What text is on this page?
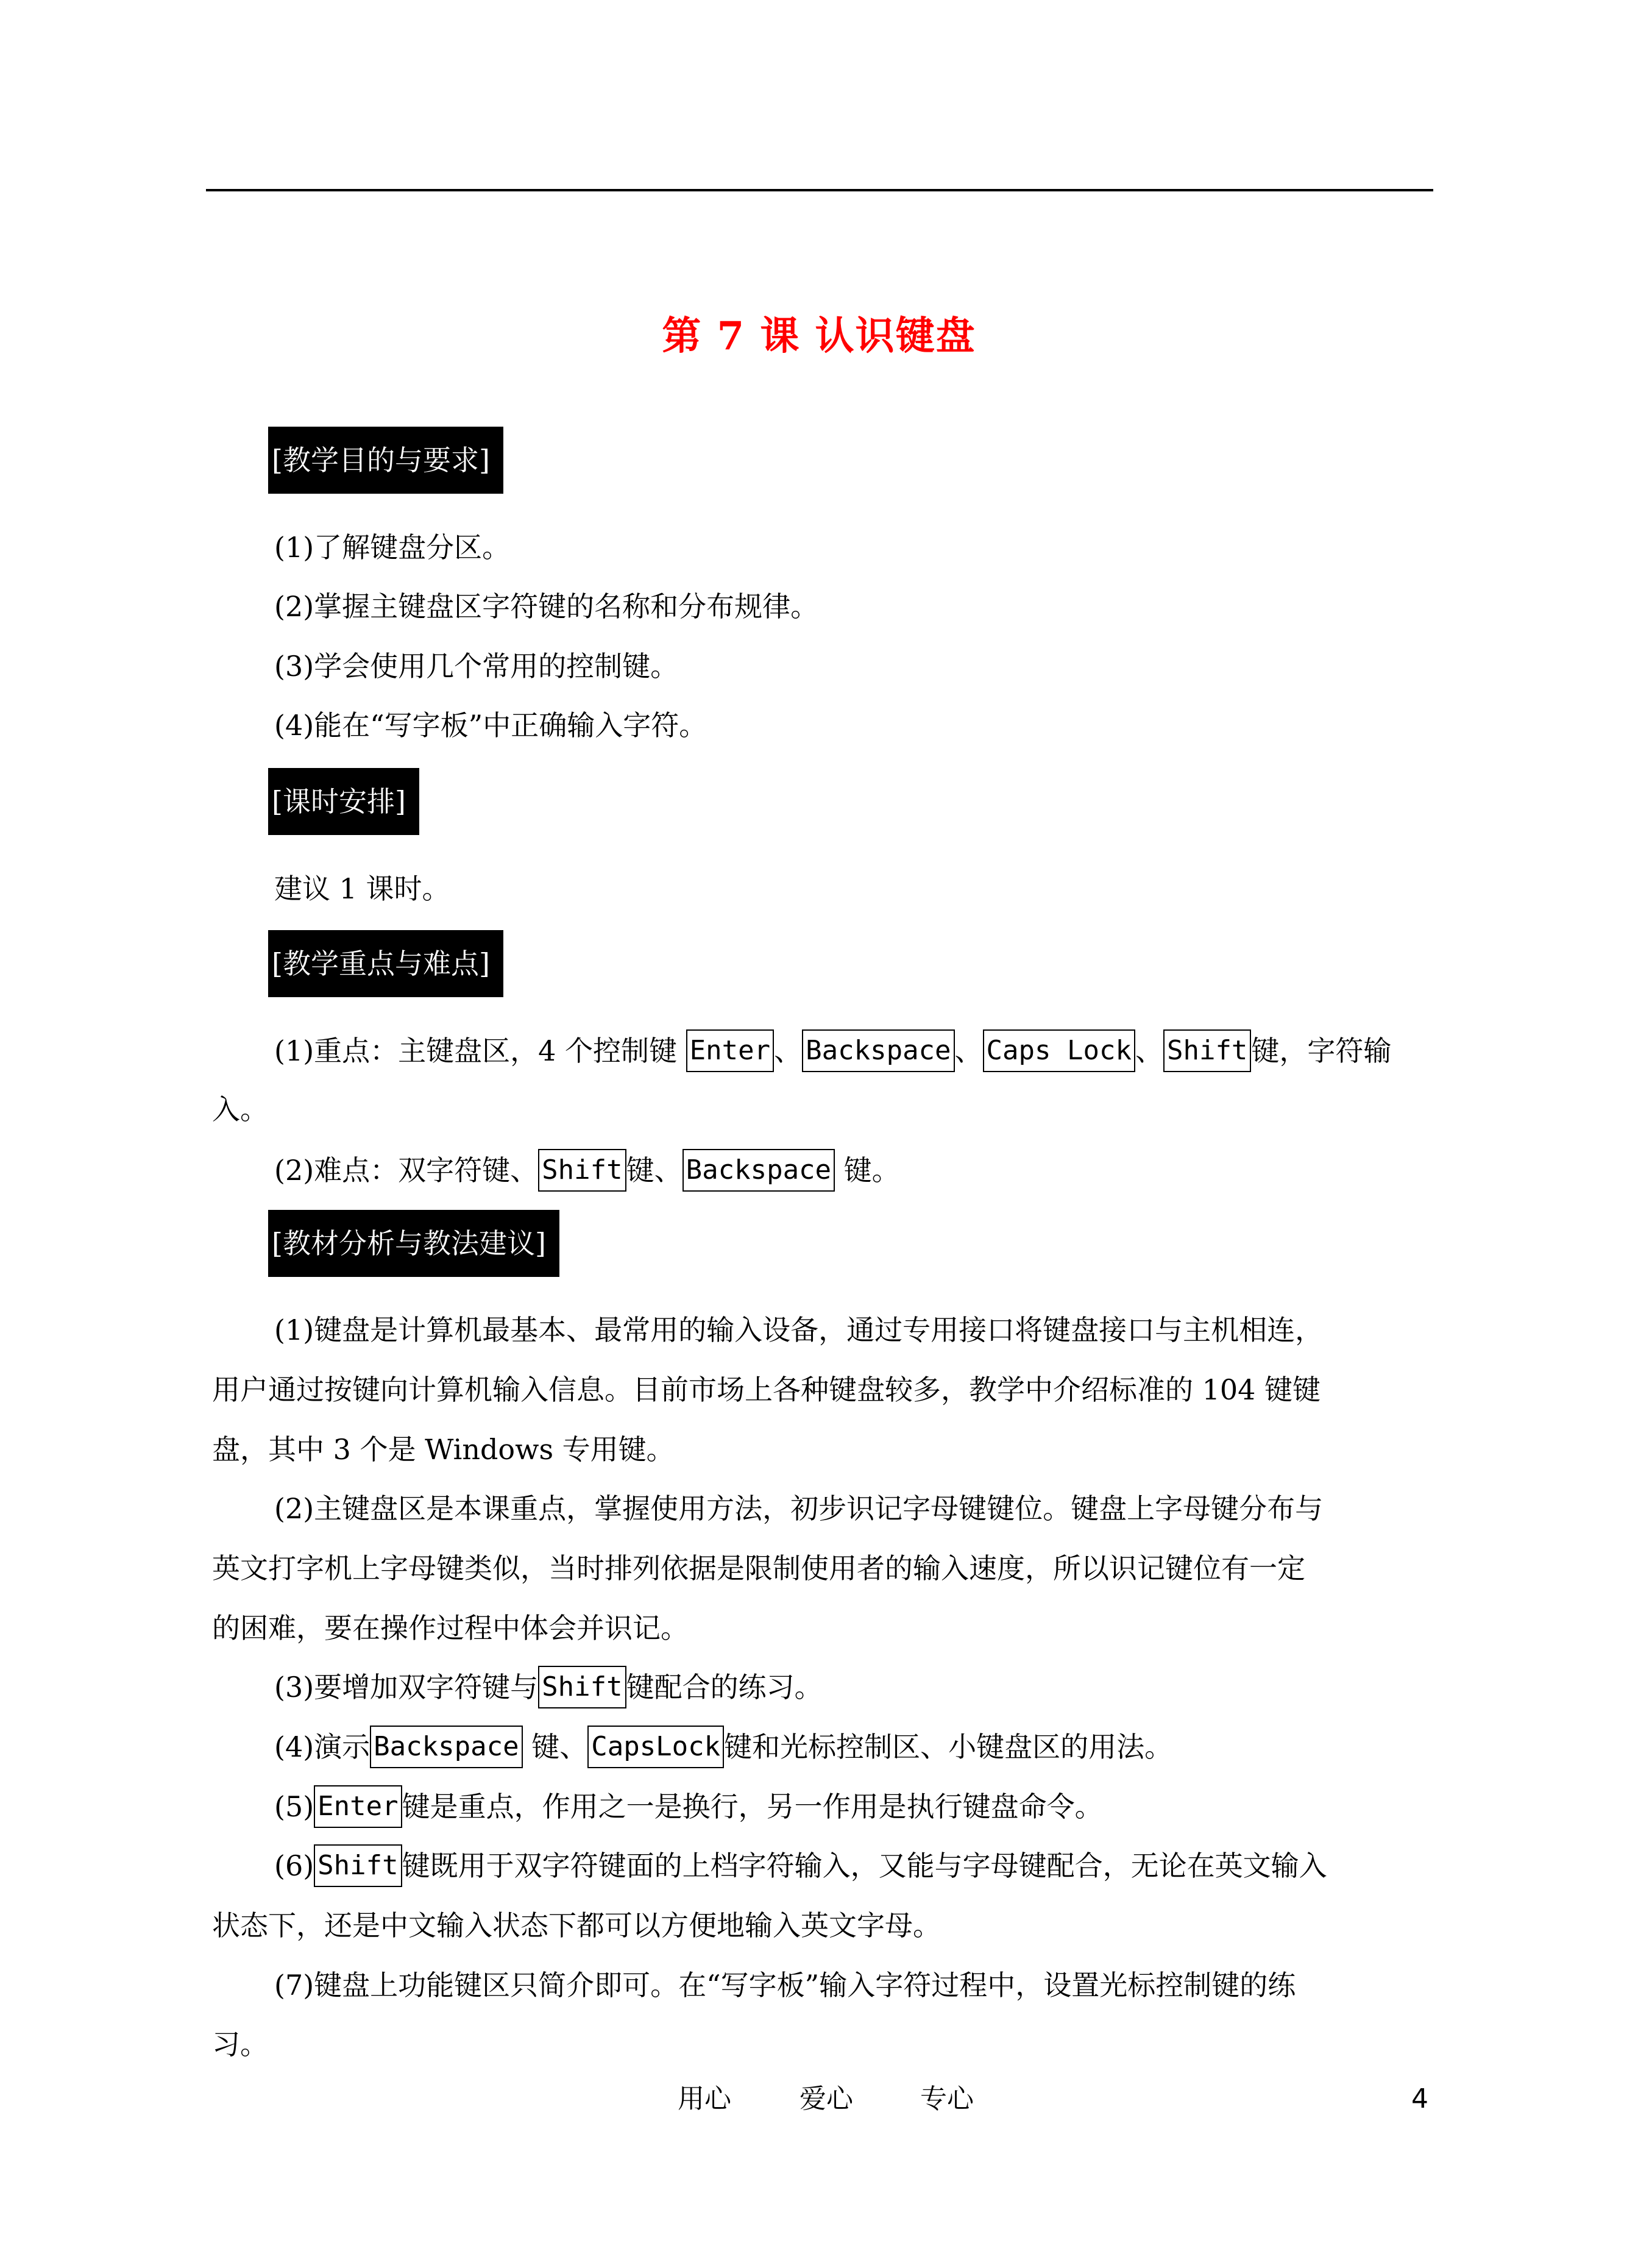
第 7 课 认识键盘
[教学目的与要求]
(1)了解键盘分区。
(2)掌握主键盘区字符键的名称和分布规律。
(3)学会使用几个常用的控制键。
(4)能在“写字板”中正确输入字符。
[课时安排]
建议 1 课时。
[教学重点与难点]
(1)重点：主键盘区，4 个控制键 Enter 、 Backspace 、 Caps Lock 、 Shift 键，字符输
入。
(2)难点：双字符键、 Shift 键、 Backspace 键。
[教材分析与教法建议]
(1)键盘是计算机最基本、最常用的输入设备，通过专用接口将键盘接口与主机相连，
用户通过按键向计算机输入信息。目前市场上各种键盘较多，教学中介绍标准的 104 键键
盘，其中 3 个是 Windows 专用键。
(2)主键盘区是本课重点，掌握使用方法，初步识记字母键键位。键盘上字母键分布与
英文打字机上字母键类似，当时排列依据是限制使用者的输入速度，所以识记键位有一定
的困难，要在操作过程中体会并识记。
(3)要增加双字符键与 Shift 键配合的练习。
(4)演示 Backspace 键、 CapsLock 键和光标控制区、小键盘区的用法。
(5) Enter 键是重点，作用之一是换行，另一作用是执行键盘命令。
(6) Shift 键既用于双字符键面的上档字符输入，又能与字母键配合，无论在英文输入
状态下，还是中文输入状态下都可以方便地输入英文字母。
(7)键盘上功能键区只简介即可。在“写字板”输入字符过程中，设置光标控制键的练
习。
用心	爱心	专心	4
